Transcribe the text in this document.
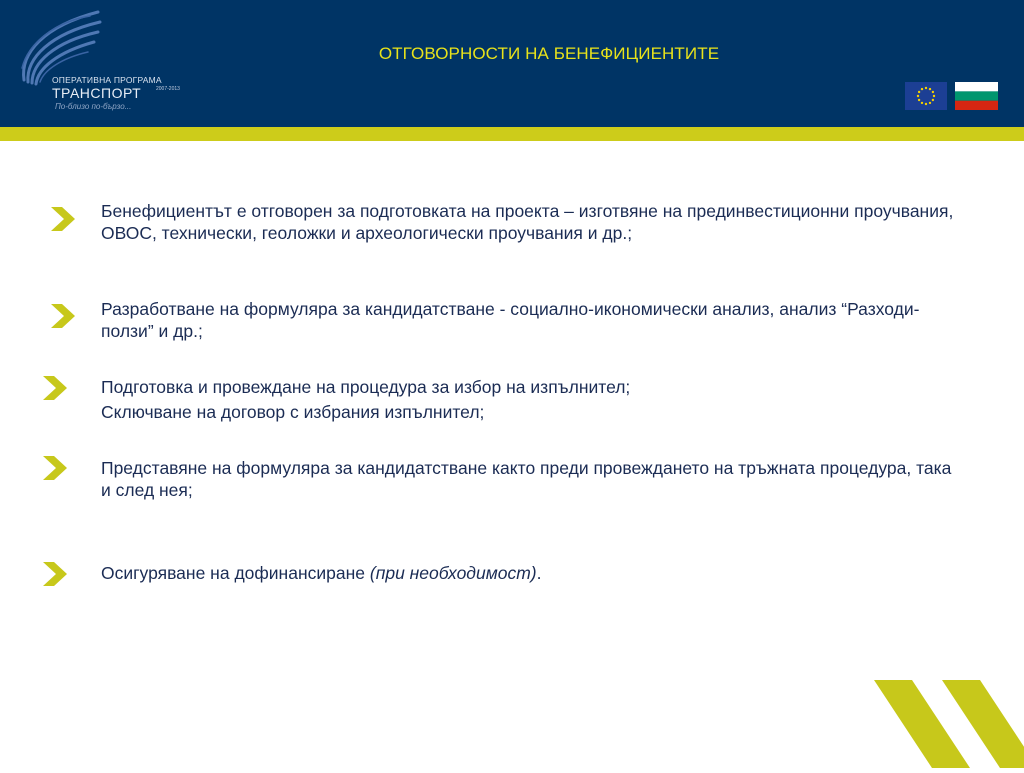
ОПЕРАТИВНА ПРОГРАМА
ТРАНСПОРТ	2007-2013
По-близо по-бързо...
ОТГОВОРНОСТИ НА БЕНЕФИЦИЕНТИТЕ
Бенефициентът е отговорен за подготовката на проекта – изготвяне на прединвестиционни проучвания, ОВОС, технически, геоложки и археологически проучвания и др.;
Разработване на формуляра за кандидатстване - социално-икономически анализ, анализ “Разходи-ползи” и др.;
Подготовка и провеждане на процедура за избор на изпълнител;
Сключване на договор с избрания изпълнител;
Представяне на формуляра за кандидатстване както преди провеждането на тръжната процедура, така и след нея;
Осигуряване на дофинансиране (при необходимост).
